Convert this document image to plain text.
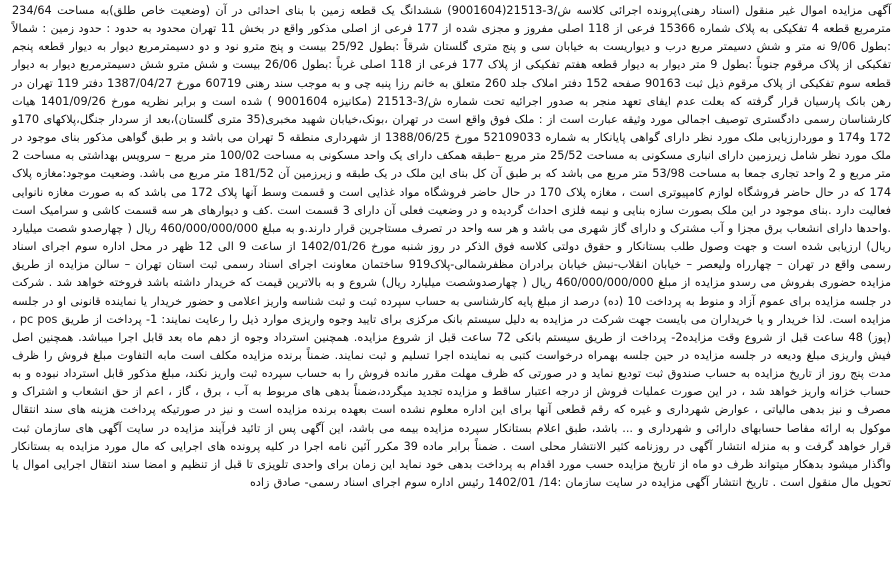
آگهی مزایده اموال غیر منقول (اسناد رهنی)پرونده اجرائی کلاسه ش/3-21513(9001604) ششدانگ یک قطعه زمین با بنای احداثی در آن (وضعیت خاص طلق)به مساحت 234/64 مترمربع قطعه 4 تفکیکی به پلاک شماره 15366 فرعی از 118 اصلی مفروز و مجزی شده از 177 فرعی از اصلی مذکور واقع در بخش 11 تهران محدود به حدود : حدود زمین : شمالاً :بطول 9/06 نه متر و شش دسیمتر مربع درب و دیواریست به خیابان سی و پنج متری گلستان شرقاً :بطول 25/92 بیست و پنج مترو نود و دو دسیمترمربع دیوار به دیوار قطعه پنجم تفکیکی از پلاک مرقوم جنوباً :بطول 9 متر دیوار به دیوار قطعه هفتم تفکیکی از پلاک 177 فرعی از 118 اصلی غرباً :بطول 26/06 بیست و شش مترو شش دسیمترمربع دیوار به دیوار قطعه سوم تفکیکی از پلاک مرقوم ذیل ثبت 90163 صفحه 152 دفتر املاک جلد 260 متعلق به خانم رزا پنبه چی و به موجب سند رهنی 60719 مورخ 1387/04/27 دفتر 119 تهران در رهن بانک پارسیان قرار گرفته که بعلت عدم ایفای تعهد منجر به صدور اجرائیه تحت شماره ش/3-21513 (مکانیزه 9001604 ) شده است و برابر نظریه مورخ 1401/09/26 هیات کارشناسان رسمی دادگستری توصیف اجمالی مورد وثیقه عبارت است از : ملک فوق واقع است در تهران ،بونک،خیابان شهید مخبری(35 متری گلستان)،بعد از سردار جنگل،پلاکهای 170و 172 و174 و موردارزیابی ملک مورد نظر دارای گواهی پایانکار به شماره 52109033 مورخ 1388/06/25 از شهرداری منطقه 5 تهران می باشد و بر طبق گواهی مذکور بنای موجود در ملک مورد نظر شامل زیرزمین دارای انباری مسکونی به مساحت 25/52 متر مربع –طبقه همکف دارای یک واحد مسکونی به مساحت 100/02 متر مربع – سرویس بهداشتی به مساحت 2 متر مربع و 2 واحد تجاری جمعا به مساحت 53/98 متر مربع می باشد که بر طبق آن کل بنای این ملک در یک طبقه و زیرزمین آن 181/52 متر مربع می باشد. وضعیت موجود:مغازه پلاک 174 که در حال حاضر فروشگاه لوازم کامپیوتری است ، مغازه پلاک 170 در حال حاضر فروشگاه مواد غذایی است و قسمت وسط آنها پلاک 172 می باشد که به صورت مغازه نانوایی فعالیت دارد .بنای موجود در این ملک بصورت سازه بنایی و نیمه فلزی احداث گردیده و در وضعیت فعلی آن دارای 3 قسمت است .کف و دیوارهای هر سه قسمت کاشی و سرامیک است .واحدها دارای انشعاب برق مجزا و آب مشترک و دارای گاز شهری می باشد و هر سه واحد در تصرف مستاجرین قرار دارند.و به مبلغ 460/000/000/000 ریال ( چهارصدو شصت میلیارد ریال) ارزیابی شده است و جهت وصول طلب بستانکار و حقوق دولتی کلاسه فوق الذکر در روز شنبه مورخ 1402/01/26 از ساعت 9 الی 12 ظهر در محل اداره سوم اجرای اسناد رسمی واقع در تهران – چهارراه ولیعصر – خیابان انقلاب-نبش خیابان برادران مظفرشمالی-پلاک919 ساختمان معاونت اجرای اسناد رسمی ثبت استان تهران – سالن مزایده از طریق مزایده حضوری بفروش می رسدو مزایده از مبلغ 460/000/000/000 ریال ( چهارصدوشصت میلیارد ریال) شروع و به بالاترین قیمت که خریدار داشته باشد فروخته خواهد شد . شرکت در جلسه مزایده برای عموم آزاد و منوط به پرداخت 10 (ده) درصد از مبلغ پایه کارشناسی به حساب سپرده ثبت و ثبت شناسه واریز اعلامی و حضور خریدار یا نماینده قانونی او در جلسه مزایده است. لذا خریدار و یا خریداران می بایست جهت شرکت در مزایده به دلیل سیستم بانک مرکزی برای تایید وجوه واریزی موارد ذیل را رعایت نمایند: 1- پرداخت از طریق pc pos ، (پوز) 48 ساعت قبل از شروع وقت مزایده2- پرداخت از طریق سیستم بانکی 72 ساعت قبل از شروع مزایده. همچنین استرداد وجوه از دهم ماه بعد قابل اجرا میباشد. همچنین اصل فیش واریزی مبلغ ودیعه در جلسه مزایده در حین جلسه بهمراه درخواست کتبی به نماینده اجرا تسلیم و ثبت نمایند. ضمناً برنده مزایده مکلف است مابه التفاوت مبلغ فروش را ظرف مدت پنج روز از تاریخ مزایده به حساب صندوق ثبت تودیع نماید و در صورتی که ظرف مهلت مقرر مانده فروش را به حساب سپرده ثبت واریز نکند، مبلغ مذکور قابل استرداد نبوده و به حساب خزانه واریز خواهد شد ، در این صورت عملیات فروش از درجه اعتبار ساقط و مزایده تجدید میگردد،ضمناً بدهی های مربوط به آب ، برق ، گاز ، اعم از حق انشعاب و اشتراک و مصرف و نیز بدهی مالیاتی ، عوارض شهرداری و غیره که رقم قطعی آنها برای این اداره معلوم نشده است بعهده برنده مزایده است و نیز در صورتیکه پرداخت هزینه های سند انتقال موکول به ارائه مفاصا حسابهای دارائی و شهرداری و ... باشد، طبق اعلام بستانکار سپرده مزایده بیمه می باشد، این آگهی پس از تائید فرآیند مزایده در سایت آگهی های سازمان ثبت قرار خواهد گرفت و به منزله انتشار آگهی در روزنامه کثیر الانتشار محلی است . ضمناً برابر ماده 39 مکرر آئین نامه اجرا در کلیه پرونده های اجرایی که مال مورد مزایده به بستانکار واگذار میشود بدهکار میتواند ظرف دو ماه از تاریخ مزایده حسب مورد اقدام به پرداخت بدهی خود نماید این زمان برای واحدی تلویزی تا قبل از تنظیم و امضا سند انتقال اجرایی اموال یا تحویل مال منقول است . تاریخ انتشار آگهی مزایده در سایت سازمان :14/ 1402/01 رئیس اداره سوم اجرای اسناد رسمی- صادق زاده
